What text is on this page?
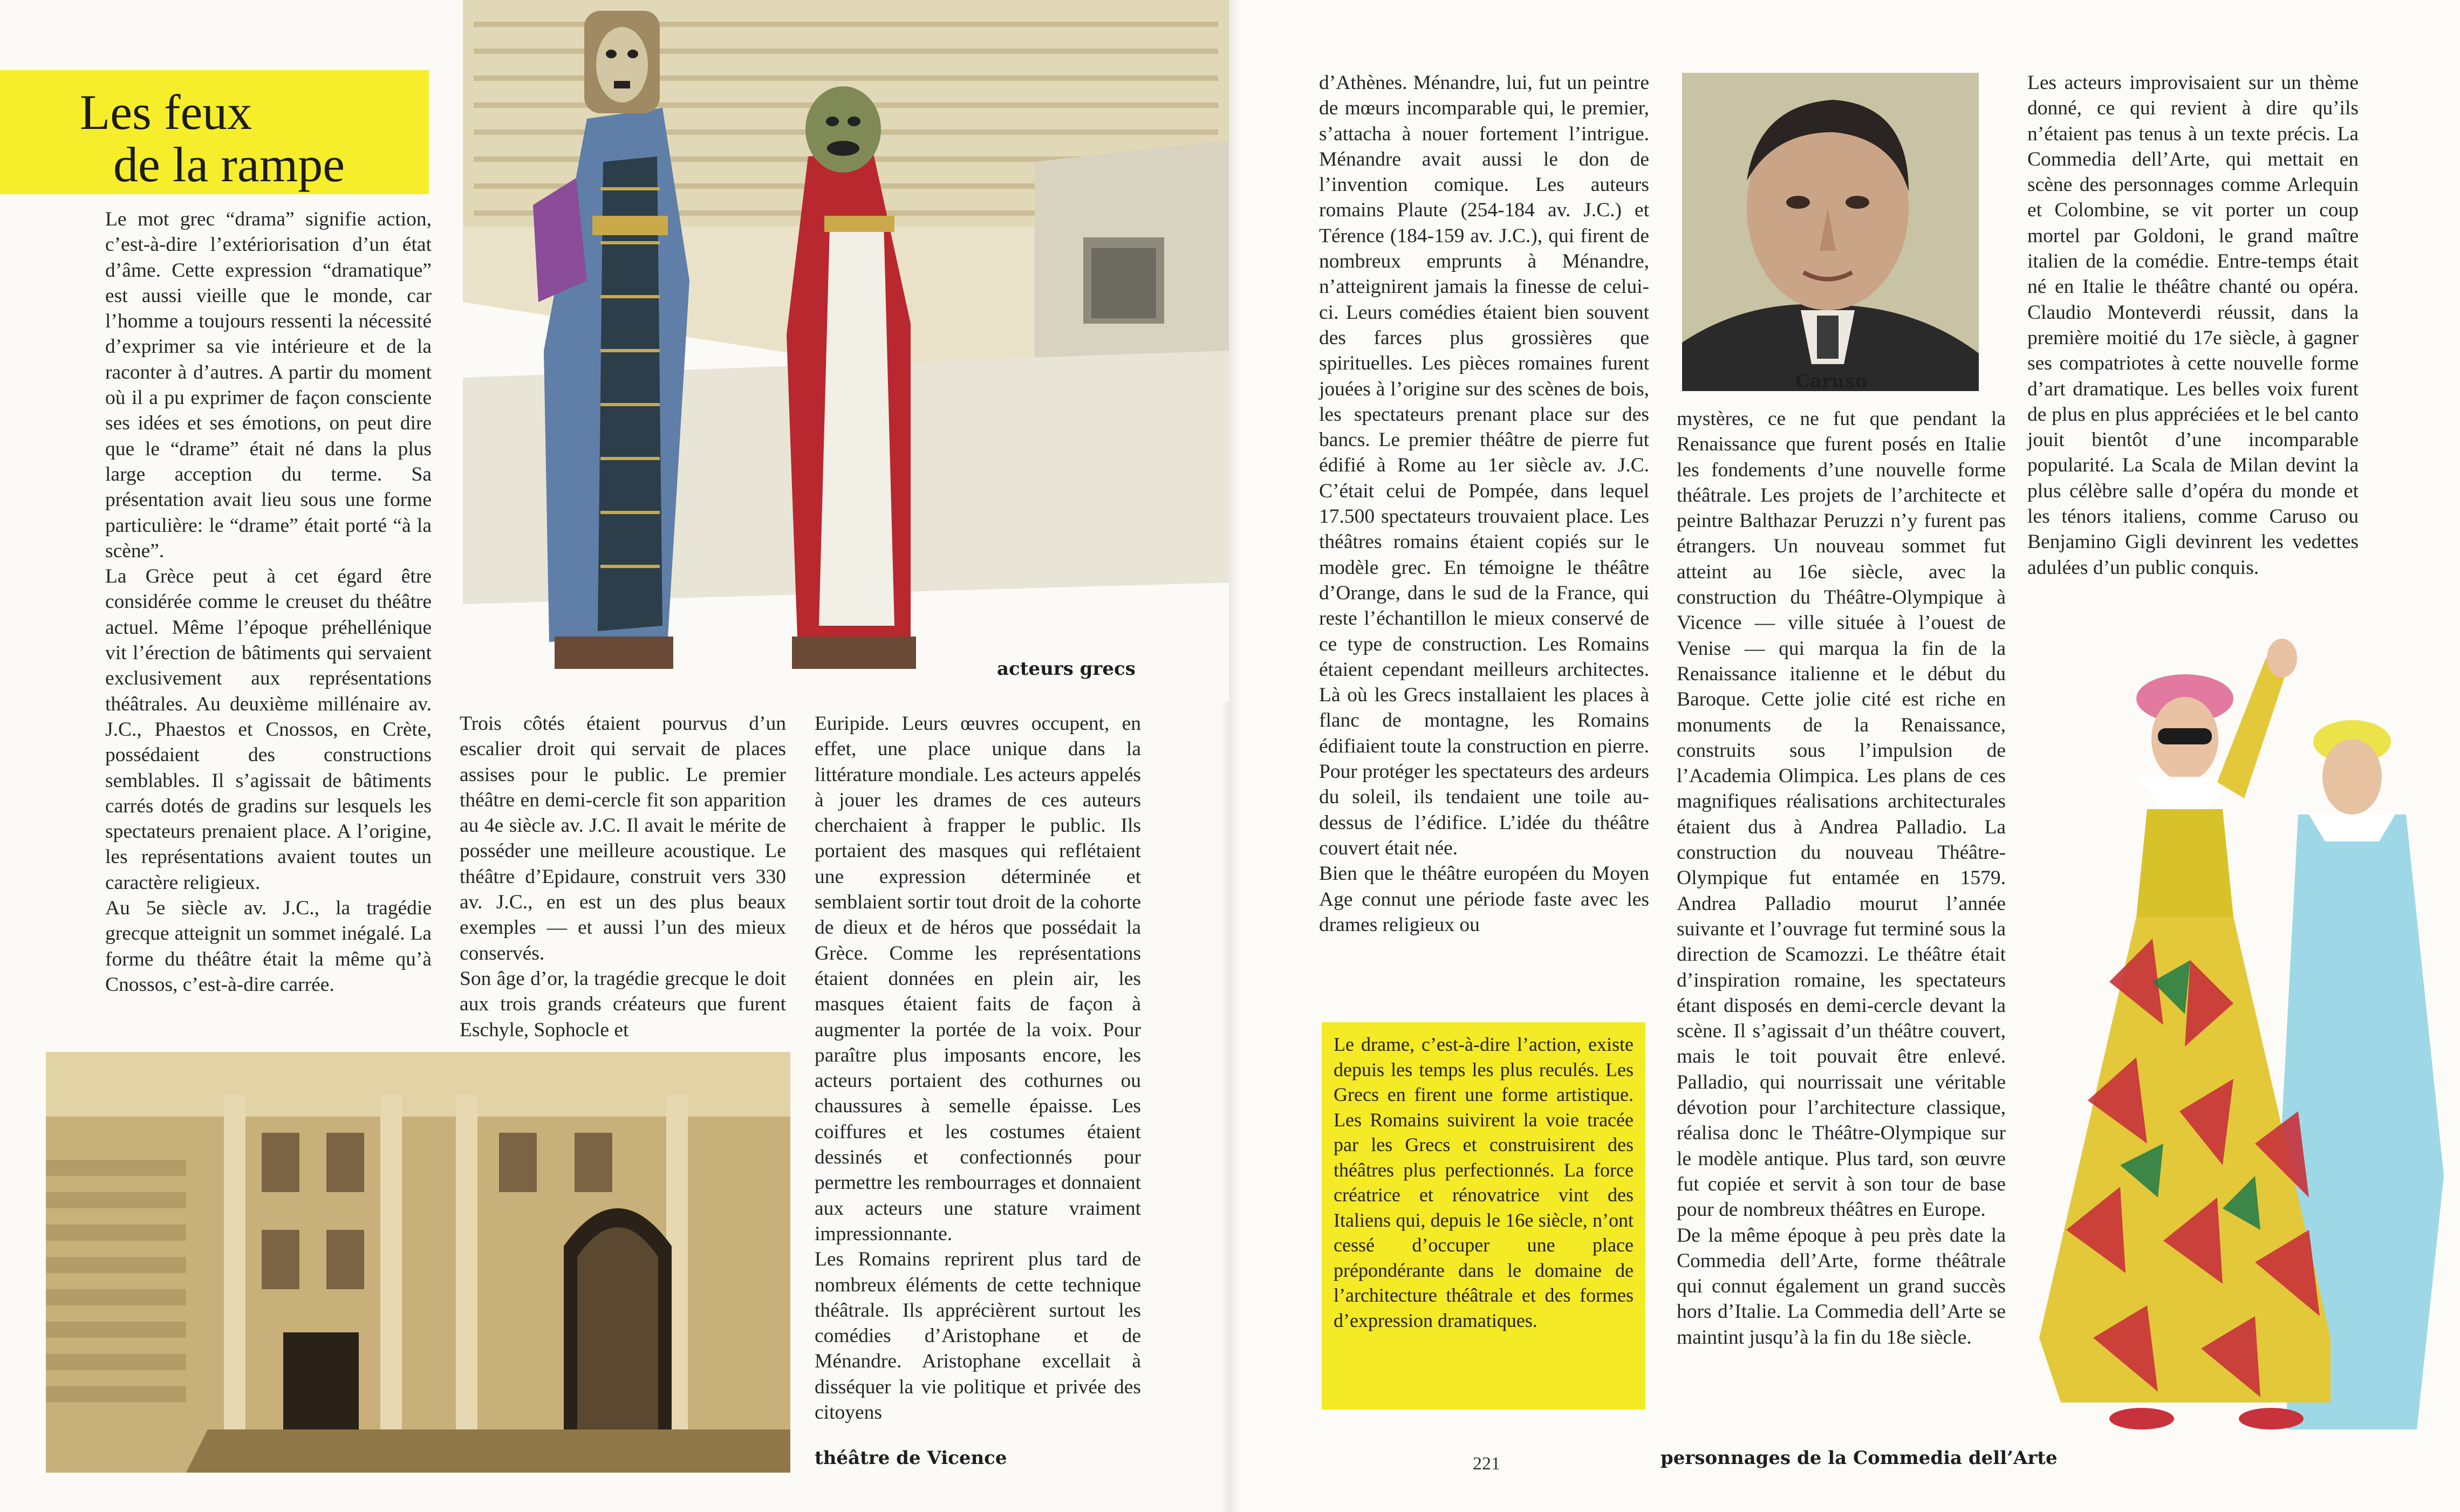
Les feux
de la rampe
acteurs grecs
théâtre de Vicence
Caruso
personnages de la Commedia dell’Arte
221

Le mot grec “drama” signifie action, c’est-à-dire l’extériorisation d’un état d’âme. Cette expression “dramatique” est aussi vieille que le monde, car l’homme a toujours ressenti la nécessité d’exprimer sa vie intérieure et de la raconter à d’autres. A partir du moment où il a pu exprimer de façon consciente ses idées et ses émotions, on peut dire que le “drame” était né dans la plus large acception du terme. Sa présentation avait lieu sous une forme particulière: le “drame” était porté “à la scène”.

La Grèce peut à cet égard être considérée comme le creuset du théâtre actuel. Même l’époque préhellénique vit l’érection de bâtiments qui servaient exclusivement aux représentations théâtrales. Au deuxième millénaire av. J.C., Phaestos et Cnossos, en Crète, possédaient des constructions semblables. Il s’agissait de bâtiments carrés dotés de gradins sur lesquels les spectateurs prenaient place. A l’origine, les représentations avaient toutes un caractère religieux.

Au 5e siècle av. J.C., la tragédie grecque atteignit un sommet inégalé. La forme du théâtre était la même qu’à Cnossos, c’est-à-dire carrée.

Trois côtés étaient pourvus d’un escalier droit qui servait de places assises pour le public. Le premier théâtre en demi-cercle fit son apparition au 4e siècle av. J.C. Il avait le mérite de posséder une meilleure acoustique. Le théâtre d’Epidaure, construit vers 330 av. J.C., en est un des plus beaux exemples — et aussi l’un des mieux conservés.

Son âge d’or, la tragédie grecque le doit aux trois grands créateurs que furent Eschyle, Sophocle et

Euripide. Leurs œuvres occupent, en effet, une place unique dans la littérature mondiale. Les acteurs appelés à jouer les drames de ces auteurs cherchaient à frapper le public. Ils portaient des masques qui reflétaient une expression déterminée et semblaient sortir tout droit de la cohorte de dieux et de héros que possédait la Grèce. Comme les représentations étaient données en plein air, les masques étaient faits de façon à augmenter la portée de la voix. Pour paraître plus imposants encore, les acteurs portaient des cothurnes ou chaussures à semelle épaisse. Les coiffures et les costumes étaient dessinés et confectionnés pour permettre les rembourrages et donnaient aux acteurs une stature vraiment impressionnante.

Les Romains reprirent plus tard de nombreux éléments de cette technique théâtrale. Ils apprécièrent surtout les comédies d’Aristophane et de Ménandre. Aristophane excellait à disséquer la vie politique et privée des citoyens

d’Athènes. Ménandre, lui, fut un peintre de mœurs incomparable qui, le premier, s’attacha à nouer fortement l’intrigue. Ménandre avait aussi le don de l’invention comique. Les auteurs romains Plaute (254-184 av. J.C.) et Térence (184-159 av. J.C.), qui firent de nombreux emprunts à Ménandre, n’atteignirent jamais la finesse de celui-ci. Leurs comédies étaient bien souvent des farces plus grossières que spirituelles. Les pièces romaines furent jouées à l’origine sur des scènes de bois, les spectateurs prenant place sur des bancs. Le premier théâtre de pierre fut édifié à Rome au 1er siècle av. J.C. C’était celui de Pompée, dans lequel 17.500 spectateurs trouvaient place. Les théâtres romains étaient copiés sur le modèle grec. En témoigne le théâtre d’Orange, dans le sud de la France, qui reste l’échantillon le mieux conservé de ce type de construction. Les Romains étaient cependant meilleurs architectes. Là où les Grecs installaient les places à flanc de montagne, les Romains édifiaient toute la construction en pierre. Pour protéger les spectateurs des ardeurs du soleil, ils tendaient une toile au-dessus de l’édifice. L’idée du théâtre couvert était née.

Bien que le théâtre européen du Moyen Age connut une période faste avec les drames religieux ou

mystères, ce ne fut que pendant la Renaissance que furent posés en Italie les fondements d’une nouvelle forme théâtrale. Les projets de l’architecte et peintre Balthazar Peruzzi n’y furent pas étrangers. Un nouveau sommet fut atteint au 16e siècle, avec la construction du Théâtre-Olympique à Vicence — ville située à l’ouest de Venise — qui marqua la fin de la Renaissance italienne et le début du Baroque. Cette jolie cité est riche en monuments de la Renaissance, construits sous l’impulsion de l’Academia Olimpica. Les plans de ces magnifiques réalisations architecturales étaient dus à Andrea Palladio. La construction du nouveau Théâtre-Olympique fut entamée en 1579. Andrea Palladio mourut l’année suivante et l’ouvrage fut terminé sous la direction de Scamozzi. Le théâtre était d’inspiration romaine, les spectateurs étant disposés en demi-cercle devant la scène. Il s’agissait d’un théâtre couvert, mais le toit pouvait être enlevé. Palladio, qui nourrissait une véritable dévotion pour l’architecture classique, réalisa donc le Théâtre-Olympique sur le modèle antique. Plus tard, son œuvre fut copiée et servit à son tour de base pour de nombreux théâtres en Europe.

De la même époque à peu près date la Commedia dell’Arte, forme théâtrale qui connut également un grand succès hors d’Italie. La Commedia dell’Arte se maintint jusqu’à la fin du 18e siècle.

Les acteurs improvisaient sur un thème donné, ce qui revient à dire qu’ils n’étaient pas tenus à un texte précis. La Commedia dell’Arte, qui mettait en scène des personnages comme Arlequin et Colombine, se vit porter un coup mortel par Goldoni, le grand maître italien de la comédie. Entre-temps était né en Italie le théâtre chanté ou opéra. Claudio Monteverdi réussit, dans la première moitié du 17e siècle, à gagner ses compatriotes à cette nouvelle forme d’art dramatique. Les belles voix furent de plus en plus appréciées et le bel canto jouit bientôt d’une incomparable popularité. La Scala de Milan devint la plus célèbre salle d’opéra du monde et les ténors italiens, comme Caruso ou Benjamino Gigli devinrent les vedettes adulées d’un public conquis.

Le drame, c’est-à-dire l’action, existe depuis les temps les plus reculés. Les Grecs en firent une forme artistique. Les Romains suivirent la voie tracée par les Grecs et construisirent des théâtres plus perfectionnés. La force créatrice et rénovatrice vint des Italiens qui, depuis le 16e siècle, n’ont cessé d’occuper une place prépondérante dans le domaine de l’architecture théâtrale et des formes d’expression dramatiques.
